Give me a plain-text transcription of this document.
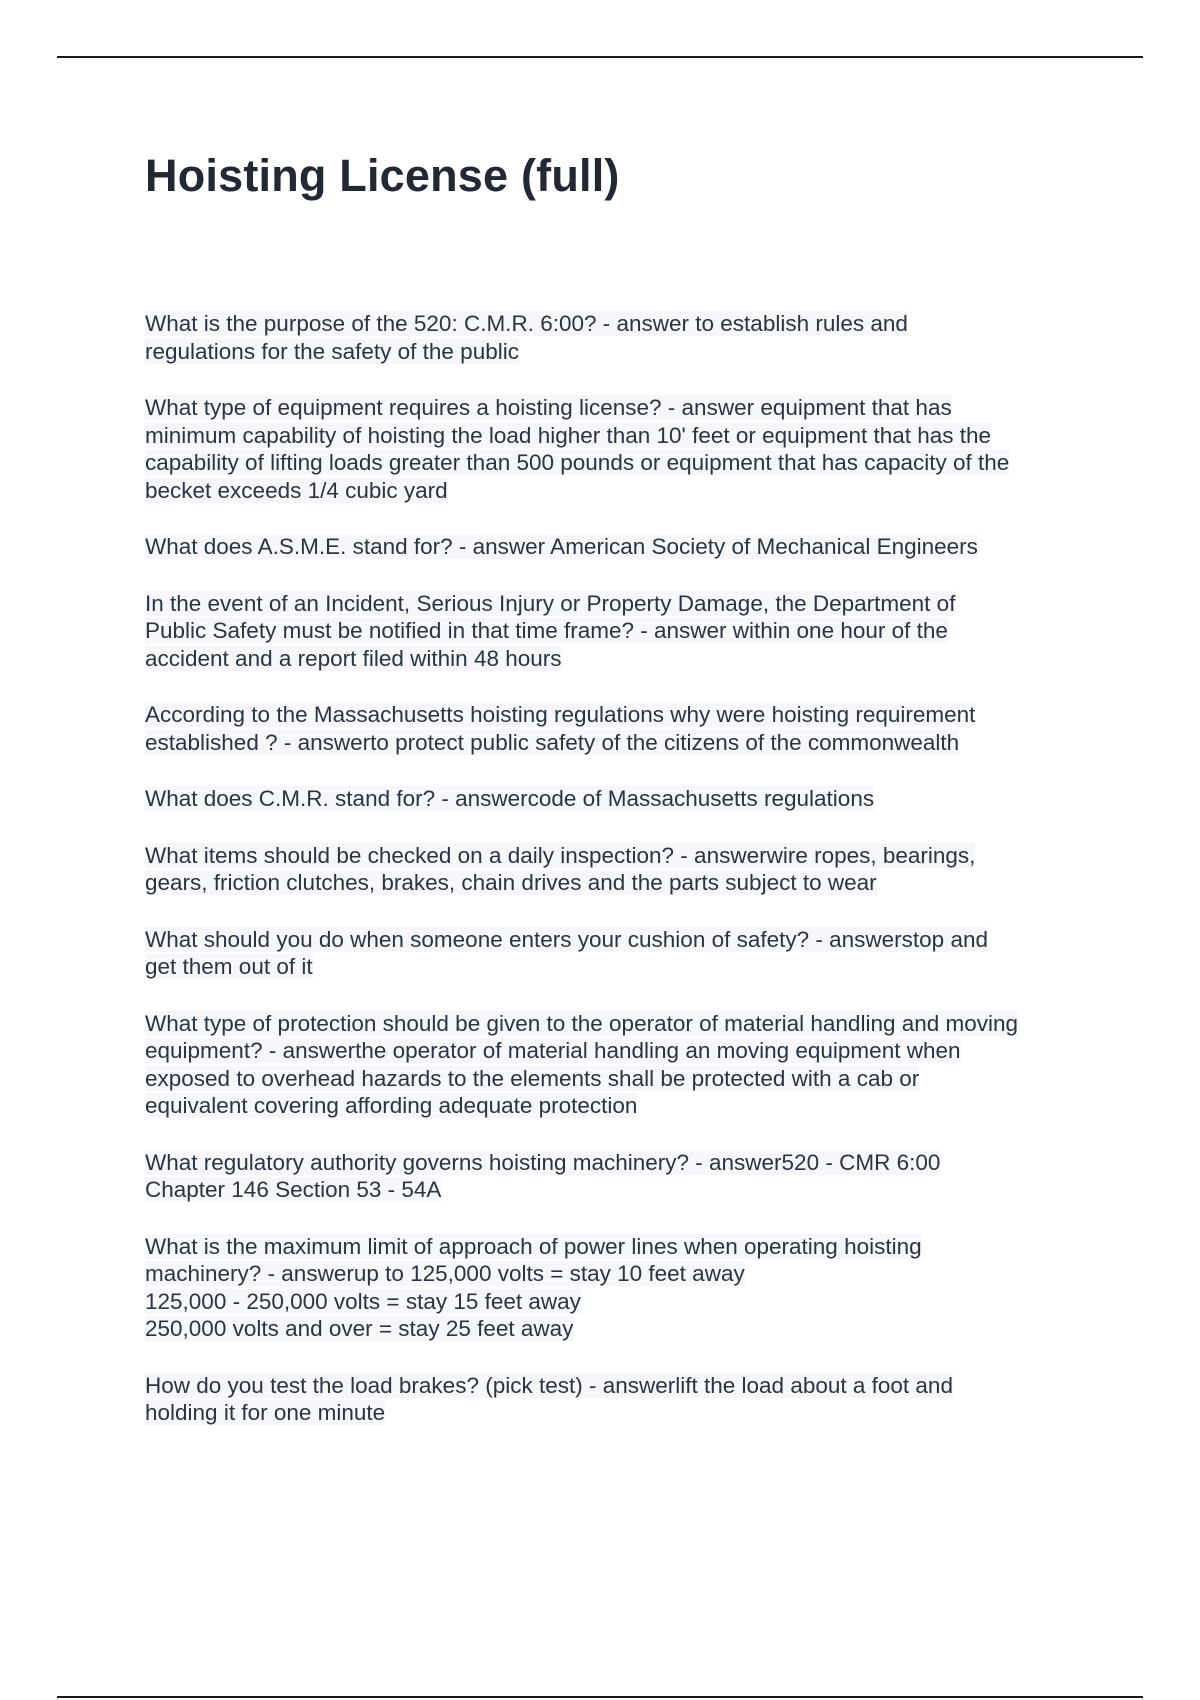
Hoisting License (full)

What is the purpose of the 520: C.M.R. 6:00? - answer to establish rules andregulations for the safety of the public

What type of equipment requires a hoisting license? - answer equipment that hasminimum capability of hoisting the load higher than 10' feet or equipment that has thecapability of lifting loads greater than 500 pounds or equipment that has capacity of thebecket exceeds 1/4 cubic yard

What does A.S.M.E. stand for? - answer American Society of Mechanical Engineers

In the event of an Incident, Serious Injury or Property Damage, the Department ofPublic Safety must be notified in that time frame? - answer within one hour of theaccident and a report filed within 48 hours

According to the Massachusetts hoisting regulations why were hoisting requirementestablished ? - answerto protect public safety of the citizens of the commonwealth

What does C.M.R. stand for? - answercode of Massachusetts regulations

What items should be checked on a daily inspection? - answerwire ropes, bearings,gears, friction clutches, brakes, chain drives and the parts subject to wear

What should you do when someone enters your cushion of safety? - answerstop andget them out of it

What type of protection should be given to the operator of material handling and movingequipment? - answerthe operator of material handling an moving equipment whenexposed to overhead hazards to the elements shall be protected with a cab orequivalent covering affording adequate protection

What regulatory authority governs hoisting machinery? - answer520 - CMR 6:00Chapter 146 Section 53 - 54A

What is the maximum limit of approach of power lines when operating hoistingmachinery? - answerup to 125,000 volts = stay 10 feet away125,000 - 250,000 volts = stay 15 feet away250,000 volts and over = stay 25 feet away

How do you test the load brakes? (pick test) - answerlift the load about a foot andholding it for one minute
